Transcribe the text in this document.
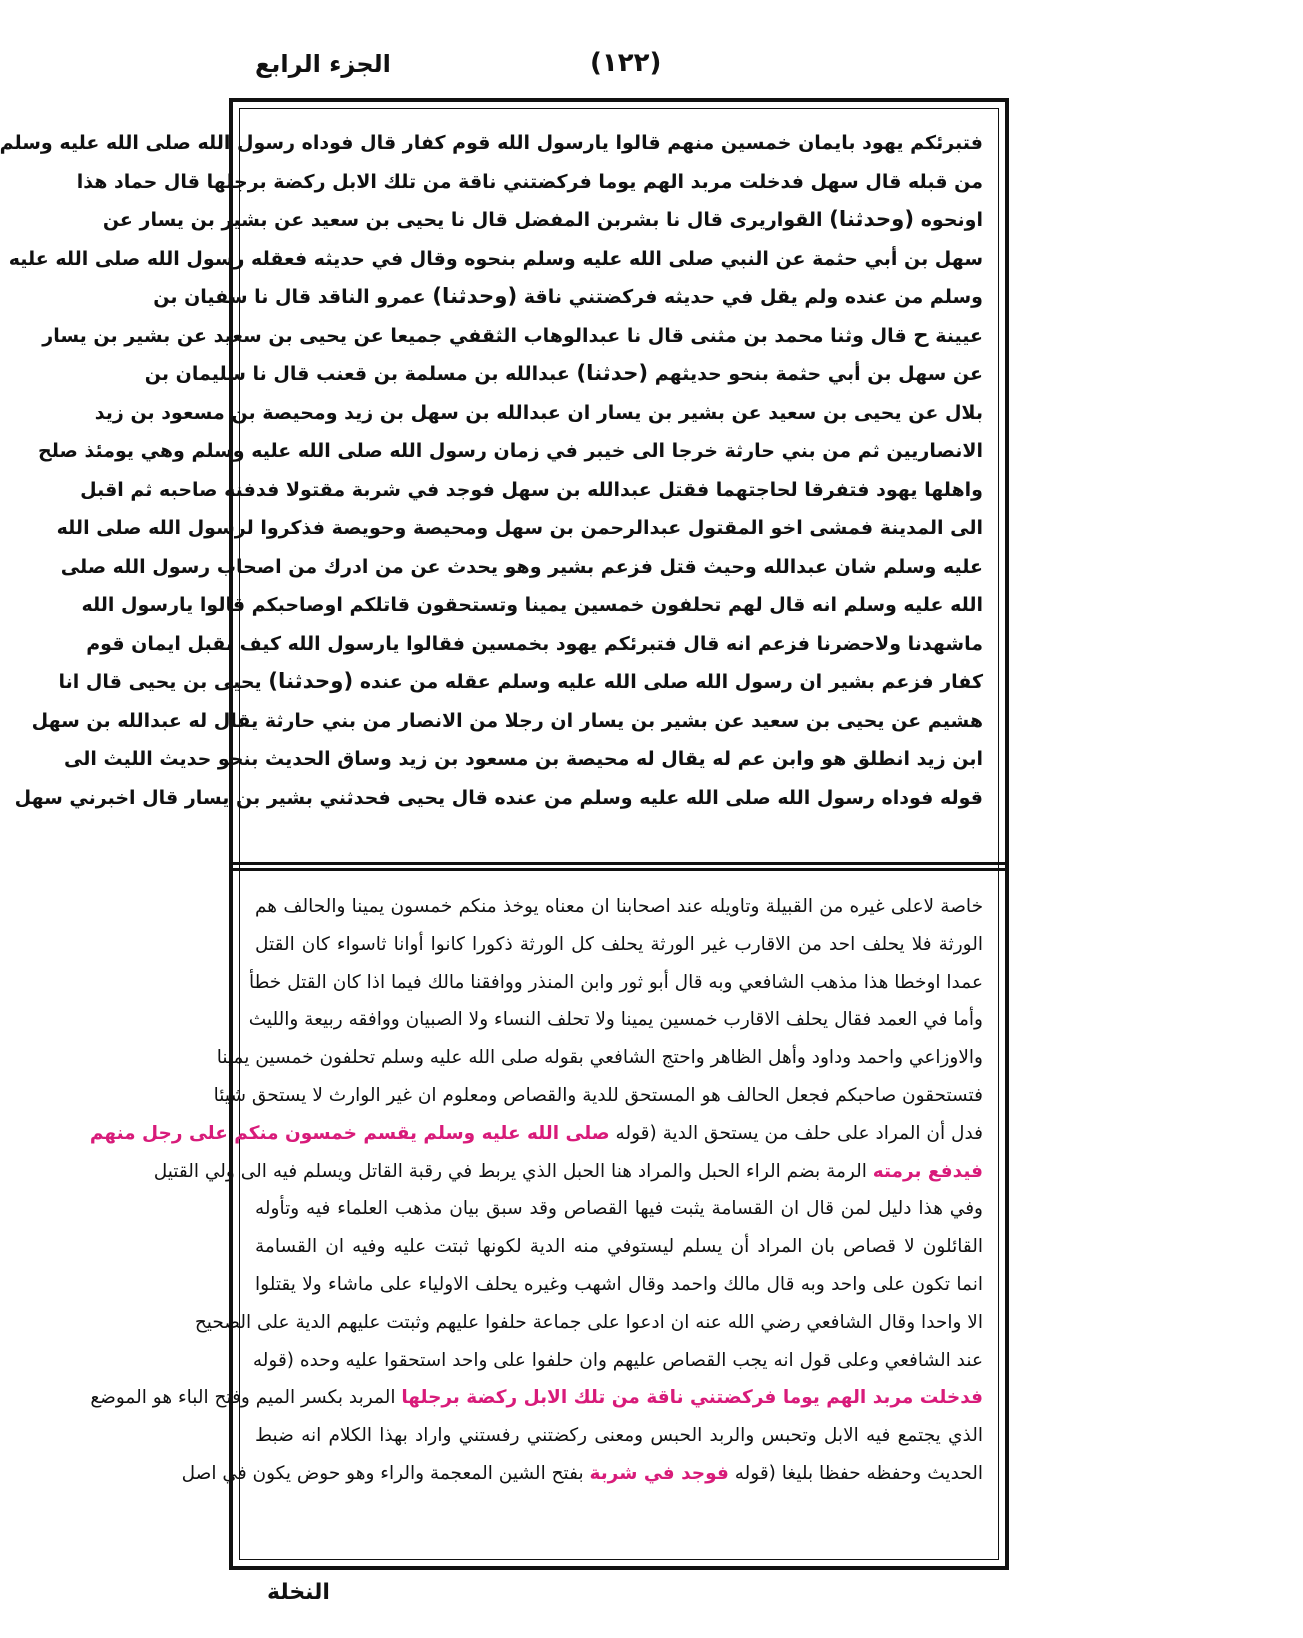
الجزء الرابع	(١٢٢)
فتبرئكم يهود بايمان خمسين منهم قالوا يارسول الله قوم كفار قال فوداه رسول الله صلى الله عليه وسلم
من قبله قال سهل فدخلت مربد الهم يوما فركضتني ناقة من تلك الابل ركضة برجلها قال حماد هذا
اونحوه (وحدثنا) القواريرى قال نا بشربن المفضل قال نا يحيى بن سعيد عن بشير بن يسار عن
سهل بن أبي حثمة عن النبي صلى الله عليه وسلم بنحوه وقال في حديثه فعقله رسول الله صلى الله عليه
وسلم من عنده ولم يقل في حديثه فركضتني ناقة (وحدثنا) عمرو الناقد قال نا سفيان بن
عيينة ح قال وثنا محمد بن مثنى قال نا عبدالوهاب الثقفي جميعا عن يحيى بن سعيد عن بشير بن يسار
عن سهل بن أبي حثمة بنحو حديثهم (حدثنا) عبدالله بن مسلمة بن قعنب قال نا سليمان بن
بلال عن يحيى بن سعيد عن بشير بن يسار ان عبدالله بن سهل بن زيد ومحيصة بن مسعود بن زيد
الانصاريين ثم من بني حارثة خرجا الى خيبر في زمان رسول الله صلى الله عليه وسلم وهي يومئذ صلح
واهلها يهود فتفرقا لحاجتهما فقتل عبدالله بن سهل فوجد في شربة مقتولا فدفنه صاحبه ثم اقبل
الى المدينة فمشى اخو المقتول عبدالرحمن بن سهل ومحيصة وحويصة فذكروا لرسول الله صلى الله
عليه وسلم شان عبدالله وحيث قتل فزعم بشير وهو يحدث عن من ادرك من اصحاب رسول الله صلى
الله عليه وسلم انه قال لهم تحلفون خمسين يمينا وتستحقون قاتلكم اوصاحبكم قالوا يارسول الله
ماشهدنا ولاحضرنا فزعم انه قال فتبرئكم يهود بخمسين فقالوا يارسول الله كيف نقبل ايمان قوم
كفار فزعم بشير ان رسول الله صلى الله عليه وسلم عقله من عنده (وحدثنا) يحيى بن يحيى قال انا
هشيم عن يحيى بن سعيد عن بشير بن يسار ان رجلا من الانصار من بني حارثة يقال له عبدالله بن سهل
ابن زيد انطلق هو وابن عم له يقال له محيصة بن مسعود بن زيد وساق الحديث بنحو حديث الليث الى
قوله فوداه رسول الله صلى الله عليه وسلم من عنده قال يحيى فحدثني بشير بن يسار قال اخبرني سهل
خاصة لاعلى غيره من القبيلة وتاويله عند اصحابنا ان معناه يوخذ منكم خمسون يمينا والحالف هم
الورثة فلا يحلف احد من الاقارب غير الورثة يحلف كل الورثة ذكورا كانوا أوانا ثاسواء كان القتل
عمدا اوخطا هذا مذهب الشافعي وبه قال أبو ثور وابن المنذر ووافقنا مالك فيما اذا كان القتل خطأ
وأما في العمد فقال يحلف الاقارب خمسين يمينا ولا تحلف النساء ولا الصبيان ووافقه ربيعة والليث
والاوزاعي واحمد وداود وأهل الظاهر واحتج الشافعي بقوله صلى الله عليه وسلم تحلفون خمسين يمينا
فتستحقون صاحبكم فجعل الحالف هو المستحق للدية والقصاص ومعلوم ان غير الوارث لا يستحق شيئا
فدل أن المراد على حلف من يستحق الدية (قوله صلى الله عليه وسلم يقسم خمسون منكم على رجل منهم
فيدفع برمته الرمة بضم الراء الحبل والمراد هنا الحبل الذي يربط في رقبة القاتل ويسلم فيه الى ولي القتيل
وفي هذا دليل لمن قال ان القسامة يثبت فيها القصاص وقد سبق بيان مذهب العلماء فيه وتأوله
القائلون لا قصاص بان المراد أن يسلم ليستوفي منه الدية لكونها ثبتت عليه وفيه ان القسامة
انما تكون على واحد وبه قال مالك واحمد وقال اشهب وغيره يحلف الاولياء على ماشاء ولا يقتلوا
الا واحدا وقال الشافعي رضي الله عنه ان ادعوا على جماعة حلفوا عليهم وثبتت عليهم الدية على الصحيح
عند الشافعي وعلى قول انه يجب القصاص عليهم وان حلفوا على واحد استحقوا عليه وحده (قوله
فدخلت مربد الهم يوما فركضتني ناقة من تلك الابل ركضة برجلها المربد بكسر الميم وفتح الباء هو الموضع
الذي يجتمع فيه الابل وتحبس والربد الحبس ومعنى ركضتني رفستني واراد بهذا الكلام انه ضبط
الحديث وحفظه حفظا بليغا (قوله فوجد في شربة بفتح الشين المعجمة والراء وهو حوض يكون في اصل
النخلة
